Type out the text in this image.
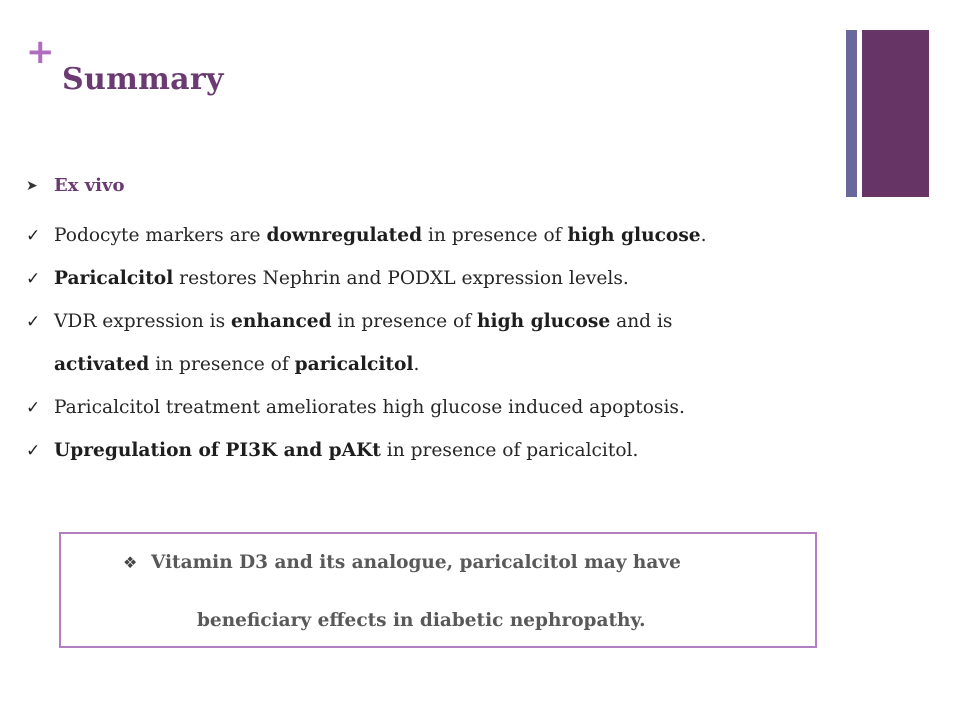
+
Summary
➤ Ex vivo
✓ Podocyte markers are downregulated in presence of high glucose .
✓ Paricalcitol restores Nephrin and PODXL expression levels.
✓ VDR expression is enhanced in presence of high glucose and is
activated in presence of paricalcitol .
✓ Paricalcitol treatment ameliorates high glucose induced apoptosis.
✓ Upregulation of PI3K and pAKt in presence of paricalcitol.
❖ Vitamin D3 and its analogue, paricalcitol may have
beneficiary effects in diabetic nephropathy.
